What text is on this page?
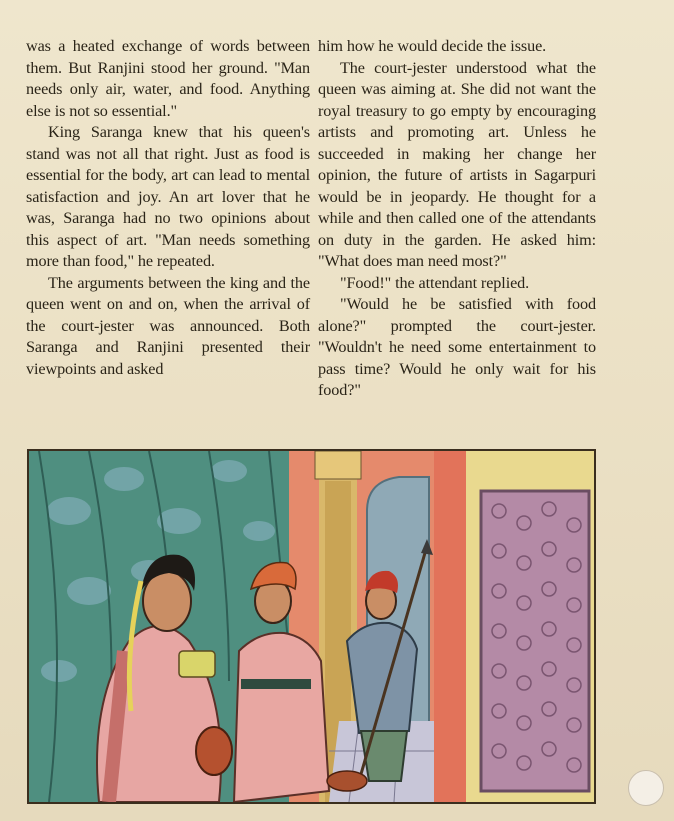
was a heated exchange of words between them. But Ranjini stood her ground. "Man needs only air, water, and food. Anything else is not so essential."

King Saranga knew that his queen's stand was not all that right. Just as food is essential for the body, art can lead to mental satisfaction and joy. An art lover that he was, Saranga had no two opinions about this aspect of art. "Man needs something more than food," he repeated.

The arguments between the king and the queen went on and on, when the arrival of the court-jester was announced. Both Saranga and Ranjini presented their viewpoints and asked

him how he would decide the issue.

The court-jester understood what the queen was aiming at. She did not want the royal treasury to go empty by encouraging artists and promoting art. Unless he succeeded in making her change her opinion, the future of artists in Sagarpuri would be in jeopardy. He thought for a while and then called one of the attendants on duty in the garden. He asked him: "What does man need most?"

"Food!" the attendant replied.

"Would he be satisfied with food alone?" prompted the court-jester. "Wouldn't he need some entertainment to pass time? Would he only wait for his food?"
